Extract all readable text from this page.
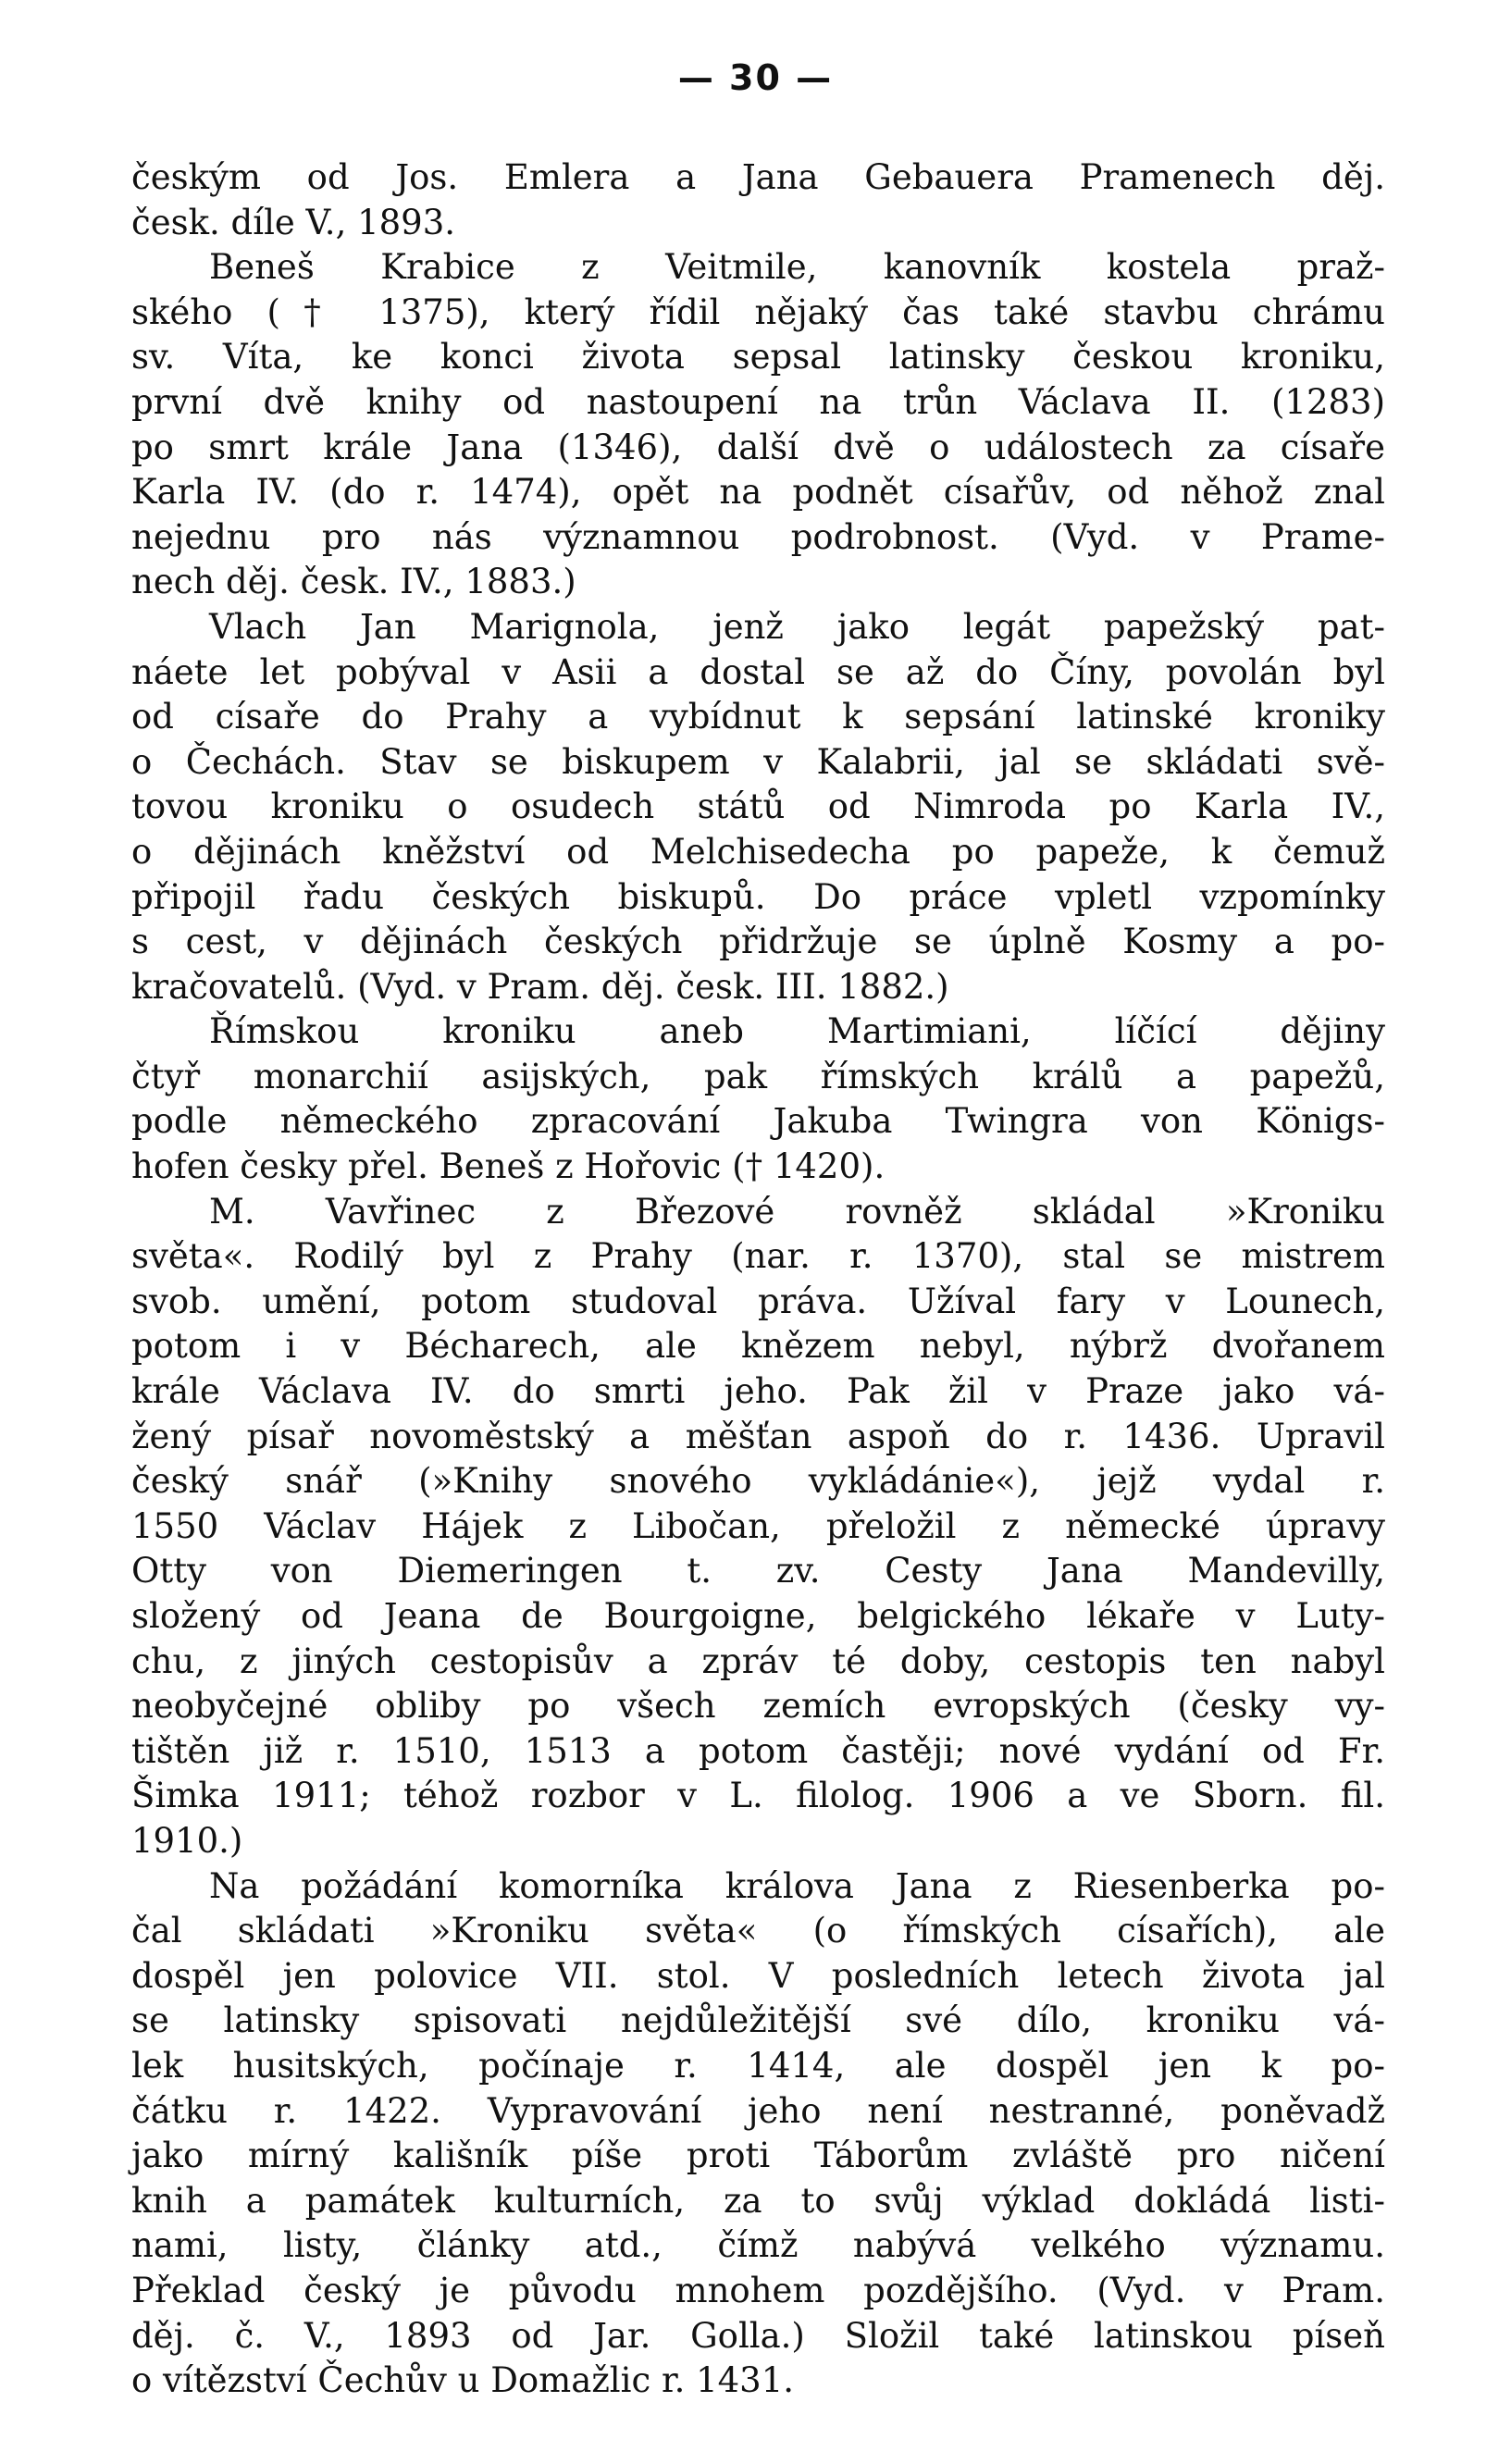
— 30 —
českým od Jos. Emlera a Jana Gebauera Pramenech děj.
česk. díle V., 1893.
Beneš Krabice z Veitmile, kanovník kostela praž-
ského († 1375), který řídil nějaký čas také stavbu chrámu
sv. Víta, ke konci života sepsal latinsky českou kroniku,
první dvě knihy od nastoupení na trůn Václava II. (1283)
po smrt krále Jana (1346), další dvě o událostech za císaře
Karla IV. (do r. 1474), opět na podnět císařův, od něhož znal
nejednu pro nás významnou podrobnost. (Vyd. v Prame-
nech děj. česk. IV., 1883.)
Vlach Jan Marignola, jenž jako legát papežský pat-
náete let pobýval v Asii a dostal se až do Číny, povolán byl
od císaře do Prahy a vybídnut k sepsání latinské kroniky
o Čechách. Stav se biskupem v Kalabrii, jal se skládati svě-
tovou kroniku o osudech států od Nimroda po Karla IV.,
o dějinách kněžství od Melchisedecha po papeže, k čemuž
připojil řadu českých biskupů. Do práce vpletl vzpomínky
s cest, v dějinách českých přidržuje se úplně Kosmy a po-
kračovatelů. (Vyd. v Pram. děj. česk. III. 1882.)
Římskou kroniku aneb Martimiani, líčící dějiny
čtyř monarchií asijských, pak římských králů a papežů,
podle německého zpracování Jakuba Twingra von Königs-
hofen česky přel. Beneš z Hořovic († 1420).
M. Vavřinec z Březové rovněž skládal »Kroniku
světa«. Rodilý byl z Prahy (nar. r. 1370), stal se mistrem
svob. umění, potom studoval práva. Užíval fary v Lounech,
potom i v Bécharech, ale knězem nebyl, nýbrž dvořanem
krále Václava IV. do smrti jeho. Pak žil v Praze jako vá-
žený písař novoměstský a měšťan aspoň do r. 1436. Upravil
český snář (»Knihy snového vykládánie«), jejž vydal r.
1550 Václav Hájek z Libočan, přeložil z německé úpravy
Otty von Diemeringen t. zv. Cesty Jana Mandevilly,
složený od Jeana de Bourgoigne, belgického lékaře v Luty-
chu, z jiných cestopisův a zpráv té doby, cestopis ten nabyl
neobyčejné obliby po všech zemích evropských (česky vy-
tištěn již r. 1510, 1513 a potom častěji; nové vydání od Fr.
Šimka 1911; téhož rozbor v L. filolog. 1906 a ve Sborn. fil.
1910.)
Na požádání komorníka králova Jana z Riesenberka po-
čal skládati »Kroniku světa« (o římských císařích), ale
dospěl jen polovice VII. stol. V posledních letech života jal
se latinsky spisovati nejdůležitější své dílo, kroniku vá-
lek husitských, počínaje r. 1414, ale dospěl jen k po-
čátku r. 1422. Vypravování jeho není nestranné, poněvadž
jako mírný kališník píše proti Táborům zvláště pro ničení
knih a památek kulturních, za to svůj výklad dokládá listi-
nami, listy, články atd., čímž nabývá velkého významu.
Překlad český je původu mnohem pozdějšího. (Vyd. v Pram.
děj. č. V., 1893 od Jar. Golla.) Složil také latinskou píseň
o vítězství Čechův u Domažlic r. 1431.
